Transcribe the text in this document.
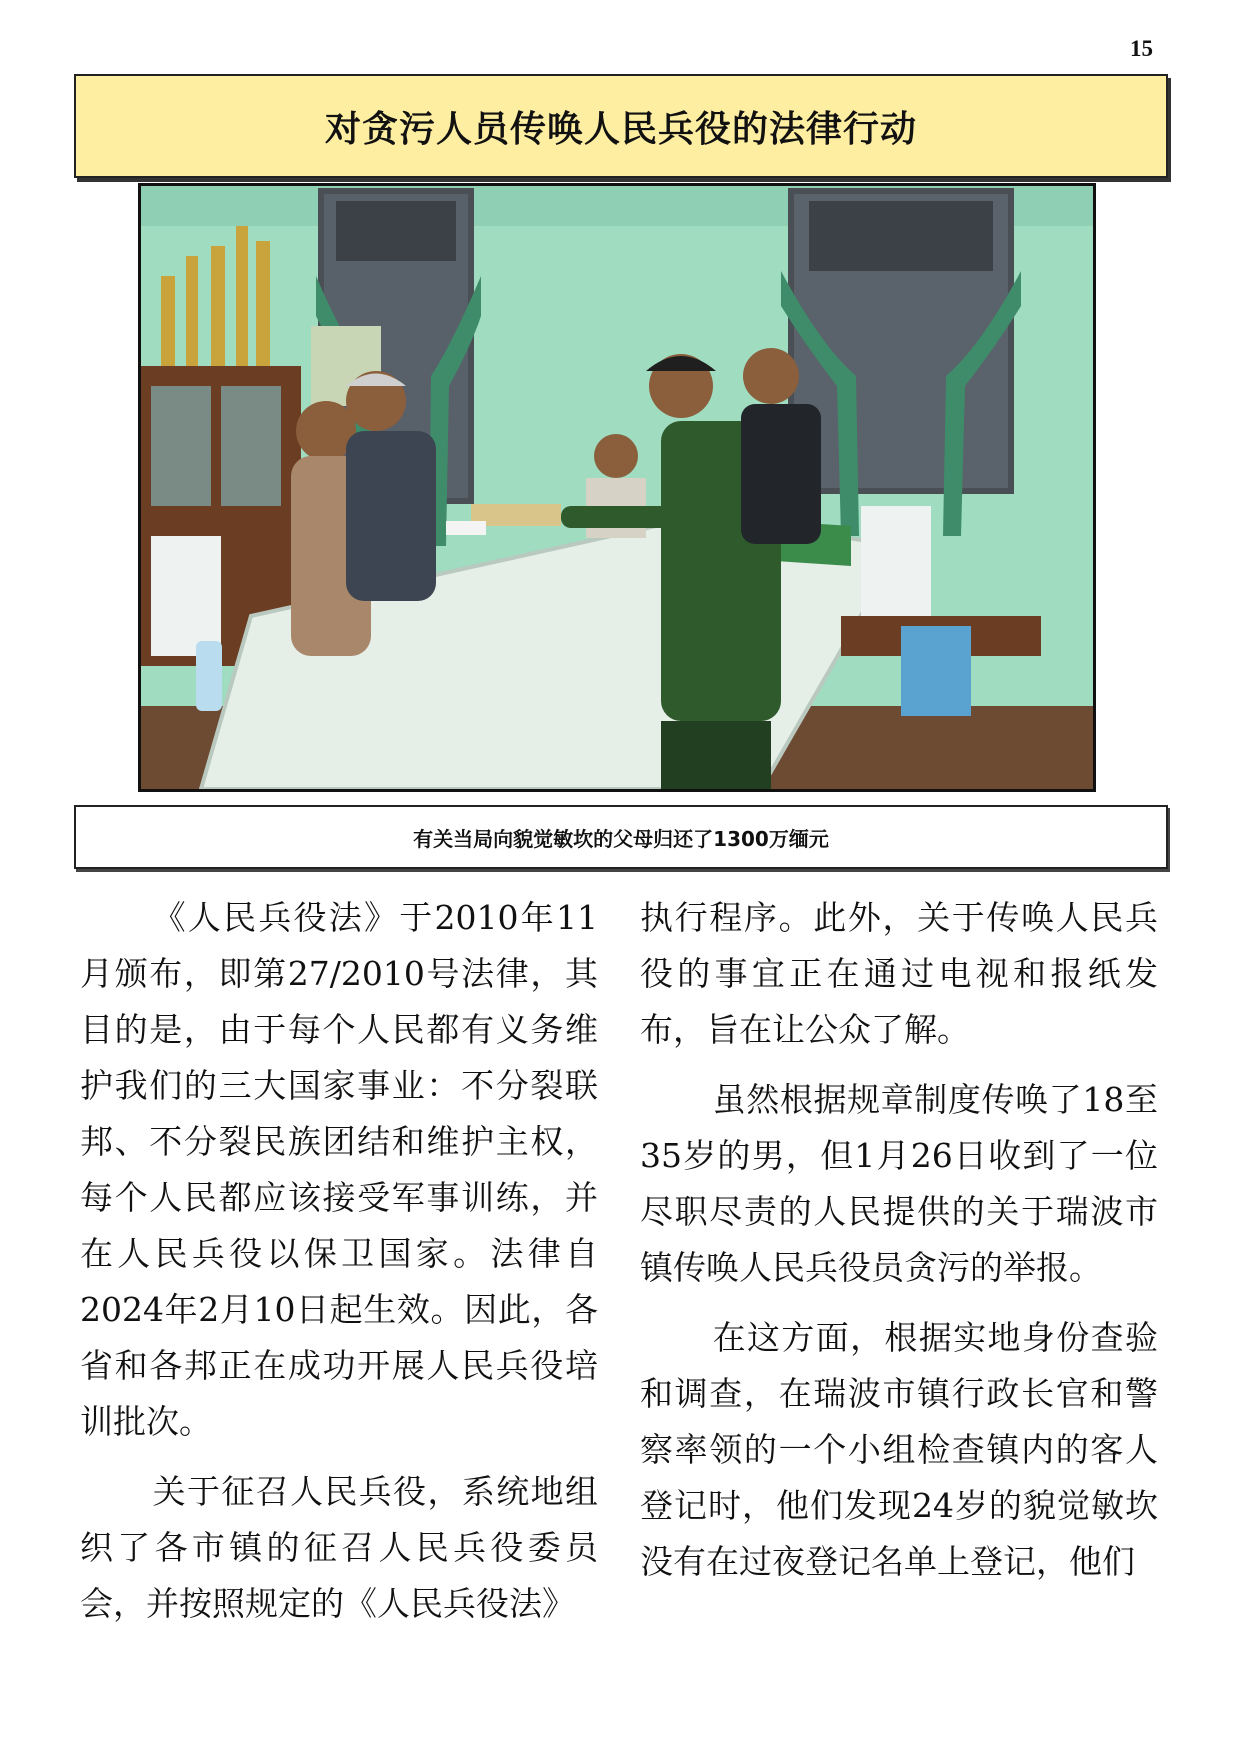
15
对贪污人员传唤人民兵役的法律行动
有关当局向貌觉敏坎的父母归还了1300万缅元

《人民兵役法》于2010年11月颁布，即第27/2010号法律，其目的是，由于每个人民都有义务维护我们的三大国家事业：不分裂联邦、不分裂民族团结和维护主权，每个人民都应该接受军事训练，并在人民兵役以保卫国家。法律自2024年2月10日起生效。因此，各省和各邦正在成功开展人民兵役培训批次。

关于征召人民兵役，系统地组织了各市镇的征召人民兵役委员会，并按照规定的《人民兵役法》

执行程序。此外，关于传唤人民兵役的事宜正在通过电视和报纸发布，旨在让公众了解。

虽然根据规章制度传唤了18至35岁的男，但1月26日收到了一位尽职尽责的人民提供的关于瑞波市镇传唤人民兵役员贪污的举报。

在这方面，根据实地身份查验和调查，在瑞波市镇行政长官和警察率领的一个小组检查镇内的客人登记时，他们发现24岁的貌觉敏坎没有在过夜登记名单上登记，他们
